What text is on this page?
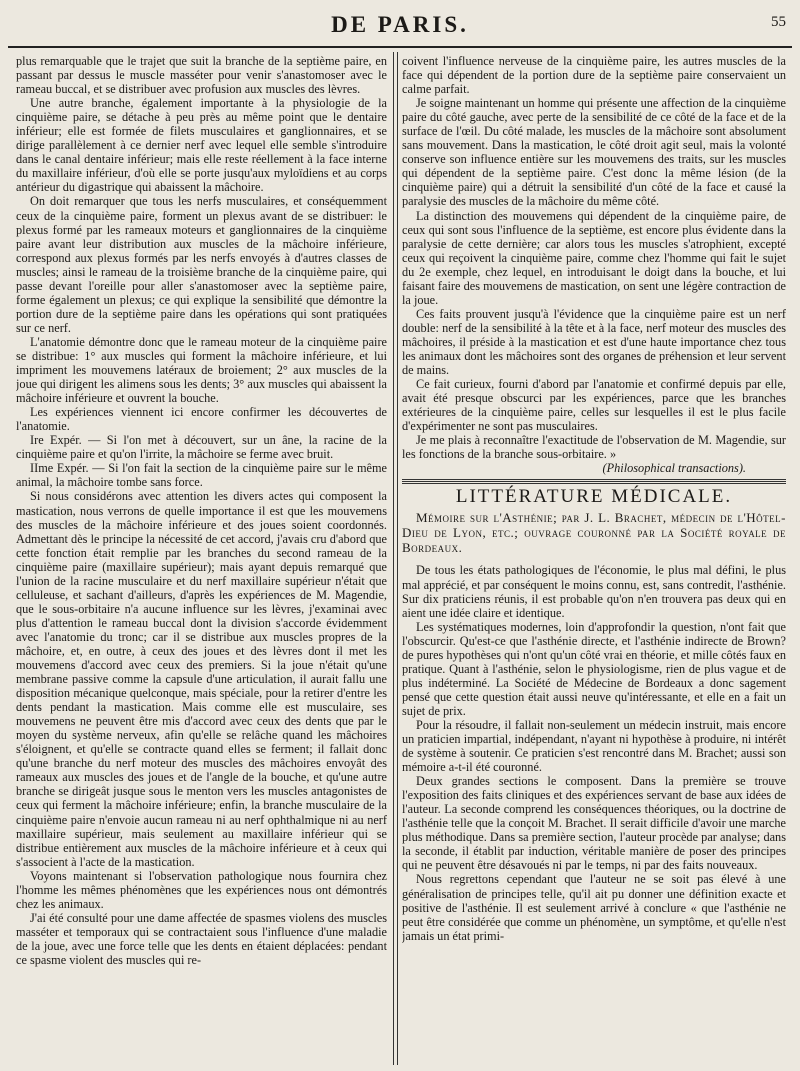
DE PARIS.	55

plus remarquable que le trajet que suit la branche de la septième paire, en passant par dessus le muscle masséter pour venir s'anastomoser avec le rameau buccal, et se distribuer avec profusion aux muscles des lèvres.

Une autre branche, également importante à la physiologie de la cinquième paire, se détache à peu près au même point que le dentaire inférieur; elle est formée de filets musculaires et ganglionnaires, et se dirige parallèlement à ce dernier nerf avec lequel elle semble s'introduire dans le canal dentaire inférieur; mais elle reste réellement à la face interne du maxillaire inférieur, d'où elle se porte jusqu'aux myloïdiens et au corps antérieur du digastrique qui abaissent la mâchoire.

On doit remarquer que tous les nerfs musculaires, et conséquemment ceux de la cinquième paire, forment un plexus avant de se distribuer: le plexus formé par les rameaux moteurs et ganglionnaires de la cinquième paire avant leur distribution aux muscles de la mâchoire inférieure, correspond aux plexus formés par les nerfs envoyés à d'autres classes de muscles; ainsi le rameau de la troisième branche de la cinquième paire, qui passe devant l'oreille pour aller s'anastomoser avec la septième paire, forme également un plexus; ce qui explique la sensibilité que démontre la portion dure de la septième paire dans les opérations qui sont pratiquées sur ce nerf.

L'anatomie démontre donc que le rameau moteur de la cinquième paire se distribue: 1° aux muscles qui forment la mâchoire inférieure, et lui impriment les mouvemens latéraux de broiement; 2° aux muscles de la joue qui dirigent les alimens sous les dents; 3° aux muscles qui abaissent la mâchoire inférieure et ouvrent la bouche.

Les expériences viennent ici encore confirmer les découvertes de l'anatomie.

Ire Expér. — Si l'on met à découvert, sur un âne, la racine de la cinquième paire et qu'on l'irrite, la mâchoire se ferme avec bruit.

IIme Expér. — Si l'on fait la section de la cinquième paire sur le même animal, la mâchoire tombe sans force.

Si nous considérons avec attention les divers actes qui composent la mastication, nous verrons de quelle importance il est que les mouvemens des muscles de la mâchoire inférieure et des joues soient coordonnés. Admettant dès le principe la nécessité de cet accord, j'avais cru d'abord que cette fonction était remplie par les branches du second rameau de la cinquième paire (maxillaire supérieur); mais ayant depuis remarqué que l'union de la racine musculaire et du nerf maxillaire supérieur n'était que celluleuse, et sachant d'ailleurs, d'après les expériences de M. Magendie, que le sous-orbitaire n'a aucune influence sur les lèvres, j'examinai avec plus d'attention le rameau buccal dont la division s'accorde évidemment avec l'anatomie du tronc; car il se distribue aux muscles propres de la mâchoire, et, en outre, à ceux des joues et des lèvres dont il met les mouvemens d'accord avec ceux des premiers. Si la joue n'était qu'une membrane passive comme la capsule d'une articulation, il aurait fallu une disposition mécanique quelconque, mais spéciale, pour la retirer d'entre les dents pendant la mastication. Mais comme elle est musculaire, ses mouvemens ne peuvent être mis d'accord avec ceux des dents que par le moyen du système nerveux, afin qu'elle se relâche quand les mâchoires s'éloignent, et qu'elle se contracte quand elles se ferment; il fallait donc qu'une branche du nerf moteur des muscles des mâchoires envoyât des rameaux aux muscles des joues et de l'angle de la bouche, et qu'une autre branche se dirigeât jusque sous le menton vers les muscles antagonistes de ceux qui ferment la mâchoire inférieure; enfin, la branche musculaire de la cinquième paire n'envoie aucun rameau ni au nerf ophthalmique ni au nerf maxillaire supérieur, mais seulement au maxillaire inférieur qui se distribue entièrement aux muscles de la mâchoire inférieure et à ceux qui s'associent à l'acte de la mastication.

Voyons maintenant si l'observation pathologique nous fournira chez l'homme les mêmes phénomènes que les expériences nous ont démontrés chez les animaux.

J'ai été consulté pour une dame affectée de spasmes violens des muscles masséter et temporaux qui se contractaient sous l'influence d'une maladie de la joue, avec une force telle que les dents en étaient déplacées: pendant ce spasme violent des muscles qui re-

coivent l'influence nerveuse de la cinquième paire, les autres muscles de la face qui dépendent de la portion dure de la septième paire conservaient un calme parfait.

Je soigne maintenant un homme qui présente une affection de la cinquième paire du côté gauche, avec perte de la sensibilité de ce côté de la face et de la surface de l'œil. Du côté malade, les muscles de la mâchoire sont absolument sans mouvement. Dans la mastication, le côté droit agit seul, mais la volonté conserve son influence entière sur les mouvemens des traits, sur les muscles qui dépendent de la septième paire. C'est donc la même lésion (de la cinquième paire) qui a détruit la sensibilité d'un côté de la face et causé la paralysie des muscles de la mâchoire du même côté.

La distinction des mouvemens qui dépendent de la cinquième paire, de ceux qui sont sous l'influence de la septième, est encore plus évidente dans la paralysie de cette dernière; car alors tous les muscles s'atrophient, excepté ceux qui reçoivent la cinquième paire, comme chez l'homme qui fait le sujet du 2e exemple, chez lequel, en introduisant le doigt dans la bouche, et lui faisant faire des mouvemens de mastication, on sent une légère contraction de la joue.

Ces faits prouvent jusqu'à l'évidence que la cinquième paire est un nerf double: nerf de la sensibilité à la tête et à la face, nerf moteur des muscles des mâchoires, il préside à la mastication et est d'une haute importance chez tous les animaux dont les mâchoires sont des organes de préhension et leur servent de mains.

Ce fait curieux, fourni d'abord par l'anatomie et confirmé depuis par elle, avait été presque obscurci par les expériences, parce que les branches extérieures de la cinquième paire, celles sur lesquelles il est le plus facile d'expérimenter ne sont pas musculaires.

Je me plais à reconnaître l'exactitude de l'observation de M. Magendie, sur les fonctions de la branche sous-orbitaire. »

(Philosophical transactions).

LITTÉRATURE MÉDICALE.

Mémoire sur l'Asthénie; par J. L. Brachet, médecin de l'Hôtel-Dieu de Lyon, etc.; ouvrage couronné par la Société royale de Bordeaux.

De tous les états pathologiques de l'économie, le plus mal défini, le plus mal apprécié, et par conséquent le moins connu, est, sans contredit, l'asthénie. Sur dix praticiens réunis, il est probable qu'on n'en trouvera pas deux qui en aient une idée claire et identique.

Les systématiques modernes, loin d'approfondir la question, n'ont fait que l'obscurcir. Qu'est-ce que l'asthénie directe, et l'asthénie indirecte de Brown? de pures hypothèses qui n'ont qu'un côté vrai en théorie, et mille côtés faux en pratique. Quant à l'asthénie, selon le physiologisme, rien de plus vague et de plus indéterminé. La Société de Médecine de Bordeaux a donc sagement pensé que cette question était aussi neuve qu'intéressante, et elle en a fait un sujet de prix.

Pour la résoudre, il fallait non-seulement un médecin instruit, mais encore un praticien impartial, indépendant, n'ayant ni hypothèse à produire, ni intérêt de système à soutenir. Ce praticien s'est rencontré dans M. Brachet; aussi son mémoire a-t-il été couronné.

Deux grandes sections le composent. Dans la première se trouve l'exposition des faits cliniques et des expériences servant de base aux idées de l'auteur. La seconde comprend les conséquences théoriques, ou la doctrine de l'asthénie telle que la conçoit M. Brachet. Il serait difficile d'avoir une marche plus méthodique. Dans sa première section, l'auteur procède par analyse; dans la seconde, il établit par induction, véritable manière de poser des principes qui ne peuvent être désavoués ni par le temps, ni par des faits nouveaux.

Nous regrettons cependant que l'auteur ne se soit pas élevé à une généralisation de principes telle, qu'il ait pu donner une définition exacte et positive de l'asthénie. Il est seulement arrivé à conclure « que l'asthénie ne peut être considérée que comme un phénomène, un symptôme, et qu'elle n'est jamais un état primi-
